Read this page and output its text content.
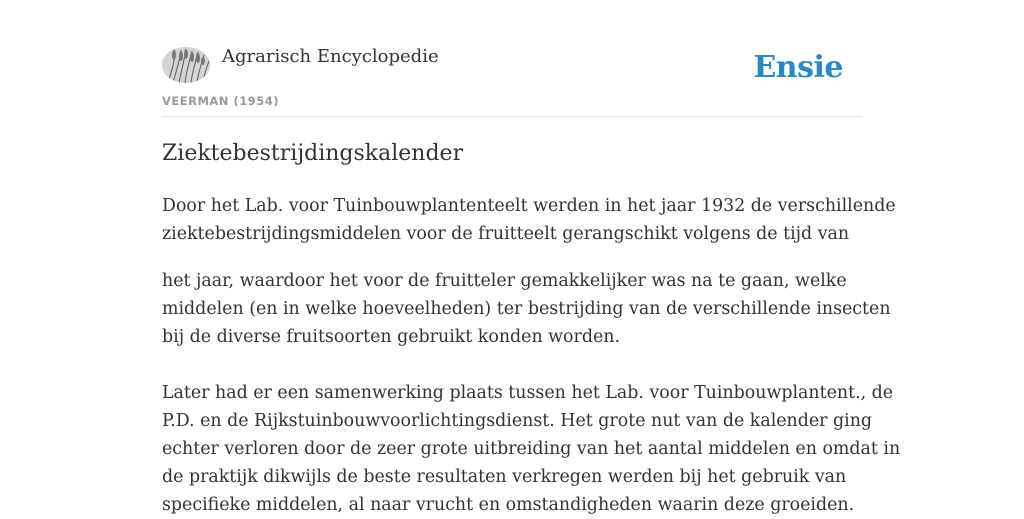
Agrarisch Encyclopedie
VEERMAN (1954)
Ensie
Ziektebestrijdingskalender
Door het Lab. voor Tuinbouwplantenteelt werden in het jaar 1932 de verschillende
ziektebestrijdingsmiddelen voor de fruitteelt gerangschikt volgens de tijd van
het jaar, waardoor het voor de fruitteler gemakkelijker was na te gaan, welke
middelen (en in welke hoeveelheden) ter bestrijding van de verschillende insecten
bij de diverse fruitsoorten gebruikt konden worden.
Later had er een samenwerking plaats tussen het Lab. voor Tuinbouwplantent., de
P.D. en de Rijkstuinbouwvoorlichtingsdienst. Het grote nut van de kalender ging
echter verloren door de zeer grote uitbreiding van het aantal middelen en omdat in
de praktijk dikwijls de beste resultaten verkregen werden bij het gebruik van
specifieke middelen, al naar vrucht en omstandigheden waarin deze groeiden.
